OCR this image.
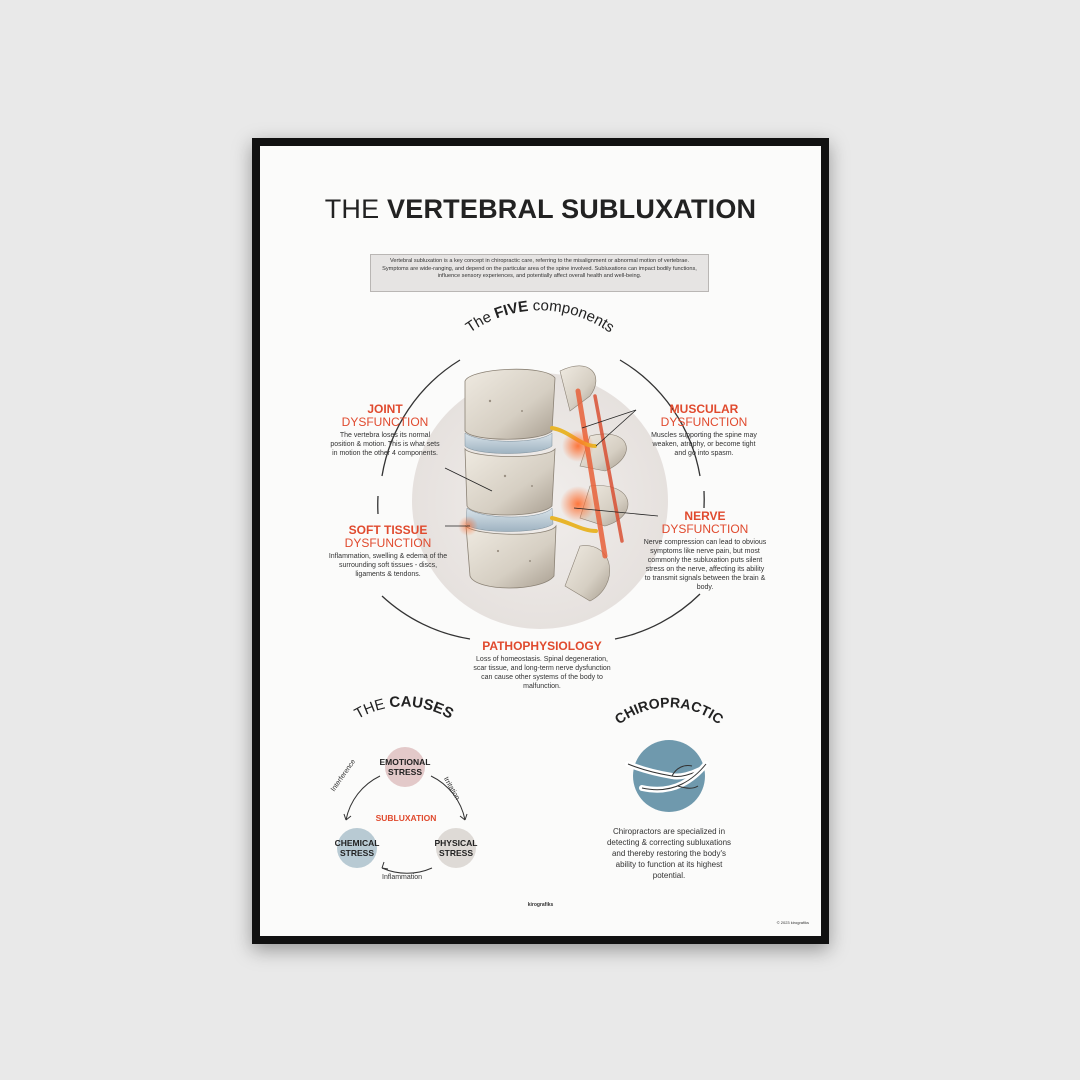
THE VERTEBRAL SUBLUXATION
Vertebral subluxation is a key concept in chiropractic care, referring to the misalignment or abnormal motion of vertebrae. Symptoms are wide-ranging, and depend on the particular area of the spine involved. Subluxations can impact bodily functions, influence sensory experiences, and potentially affect overall health and well-being.
The FIVE components
THE CAUSES	CHIROPRACTIC
JOINT
DYSFUNCTION
The vertebra loses its normal position & motion. This is what sets in motion the other 4 components.
MUSCULAR
DYSFUNCTION
Muscles supporting the spine may weaken, atrophy, or become tight and go into spasm.
SOFT TISSUE
DYSFUNCTION
Inflammation, swelling & edema of the surrounding soft tissues - discs, ligaments & tendons.
NERVE
DYSFUNCTION
Nerve compression can lead to obvious symptoms like nerve pain, but most commonly the subluxation puts silent stress on the nerve, affecting its ability to transmit signals between the brain & body.
PATHOPHYSIOLOGY
Loss of homeostasis. Spinal degeneration, scar tissue, and long-term nerve dysfunction can cause other systems of the body to malfunction.
EMOTIONAL STRESS
CHEMICAL STRESS
PHYSICAL STRESS
SUBLUXATION
Interference	Irritation
Inflammation
Chiropractors are specialized in detecting & correcting subluxations and thereby restoring the body's ability to function at its highest potential.
kirografiks
© 2023 kirografiks
